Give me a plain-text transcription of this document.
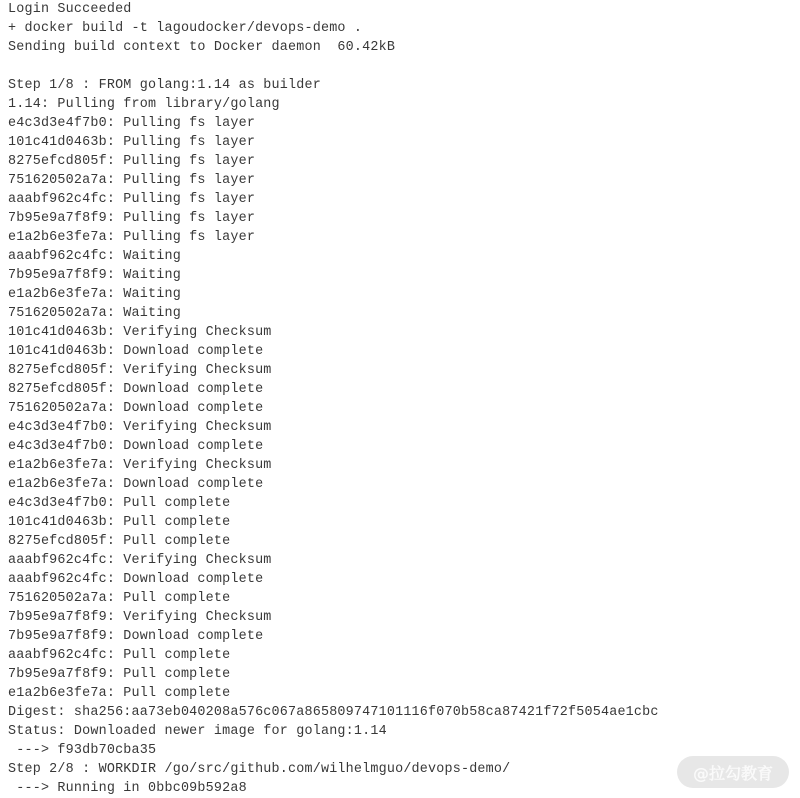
Login Succeeded
+ docker build -t lagoudocker/devops-demo .
Sending build context to Docker daemon  60.42kB
Step 1/8 : FROM golang:1.14 as builder
1.14: Pulling from library/golang
e4c3d3e4f7b0: Pulling fs layer
101c41d0463b: Pulling fs layer
8275efcd805f: Pulling fs layer
751620502a7a: Pulling fs layer
aaabf962c4fc: Pulling fs layer
7b95e9a7f8f9: Pulling fs layer
e1a2b6e3fe7a: Pulling fs layer
aaabf962c4fc: Waiting
7b95e9a7f8f9: Waiting
e1a2b6e3fe7a: Waiting
751620502a7a: Waiting
101c41d0463b: Verifying Checksum
101c41d0463b: Download complete
8275efcd805f: Verifying Checksum
8275efcd805f: Download complete
751620502a7a: Download complete
e4c3d3e4f7b0: Verifying Checksum
e4c3d3e4f7b0: Download complete
e1a2b6e3fe7a: Verifying Checksum
e1a2b6e3fe7a: Download complete
e4c3d3e4f7b0: Pull complete
101c41d0463b: Pull complete
8275efcd805f: Pull complete
aaabf962c4fc: Verifying Checksum
aaabf962c4fc: Download complete
751620502a7a: Pull complete
7b95e9a7f8f9: Verifying Checksum
7b95e9a7f8f9: Download complete
aaabf962c4fc: Pull complete
7b95e9a7f8f9: Pull complete
e1a2b6e3fe7a: Pull complete
Digest: sha256:aa73eb040208a576c067a865809747101116f070b58ca87421f72f5054ae1cbc
Status: Downloaded newer image for golang:1.14
---> f93db70cba35
Step 2/8 : WORKDIR /go/src/github.com/wilhelmguo/devops-demo/
---> Running in 0bbc09b592a8
@拉勾教育
